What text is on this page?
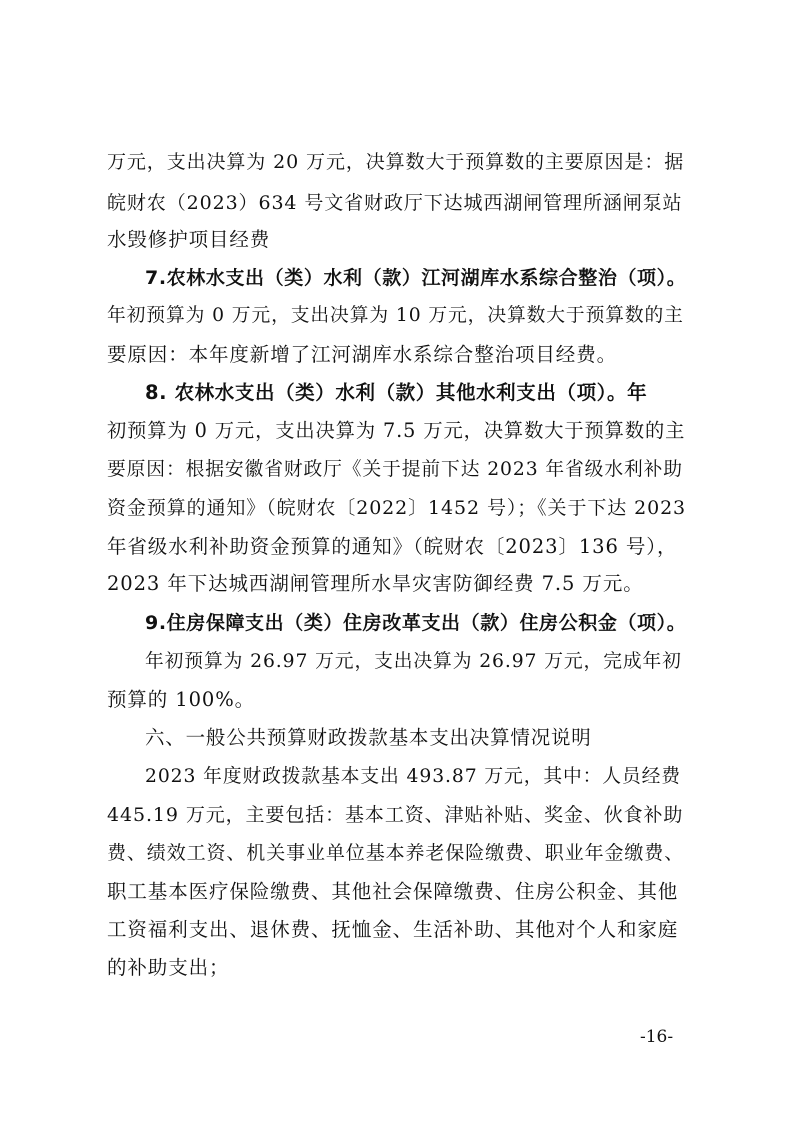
万元，支出决算为 20 万元，决算数大于预算数的主要原因是：据
皖财农（2023）634 号文省财政厅下达城西湖闸管理所涵闸泵站
水毁修护项目经费
7.农林水支出（类）水利（款）江河湖库水系综合整治（项）。
年初预算为 0 万元，支出决算为 10 万元，决算数大于预算数的主
要原因：本年度新增了江河湖库水系综合整治项目经费。
8. 农林水支出（类）水利（款）其他水利支出（项）。年
初预算为 0 万元，支出决算为 7.5 万元，决算数大于预算数的主
要原因：根据安徽省财政厅《关于提前下达 2023 年省级水利补助
资金预算的通知》（皖财农〔2022〕1452 号）；《关于下达 2023
年省级水利补助资金预算的通知》（皖财农〔2023〕136 号），
2023 年下达城西湖闸管理所水旱灾害防御经费 7.5 万元。
9.住房保障支出（类）住房改革支出（款）住房公积金（项）。
年初预算为 26.97 万元，支出决算为 26.97 万元，完成年初
预算的 100%。
六、一般公共预算财政拨款基本支出决算情况说明
2023 年度财政拨款基本支出 493.87 万元，其中：人员经费
445.19 万元，主要包括：基本工资、津贴补贴、奖金、伙食补助
费、绩效工资、机关事业单位基本养老保险缴费、职业年金缴费、
职工基本医疗保险缴费、其他社会保障缴费、住房公积金、其他
工资福利支出、退休费、抚恤金、生活补助、其他对个人和家庭
的补助支出；
-16-
